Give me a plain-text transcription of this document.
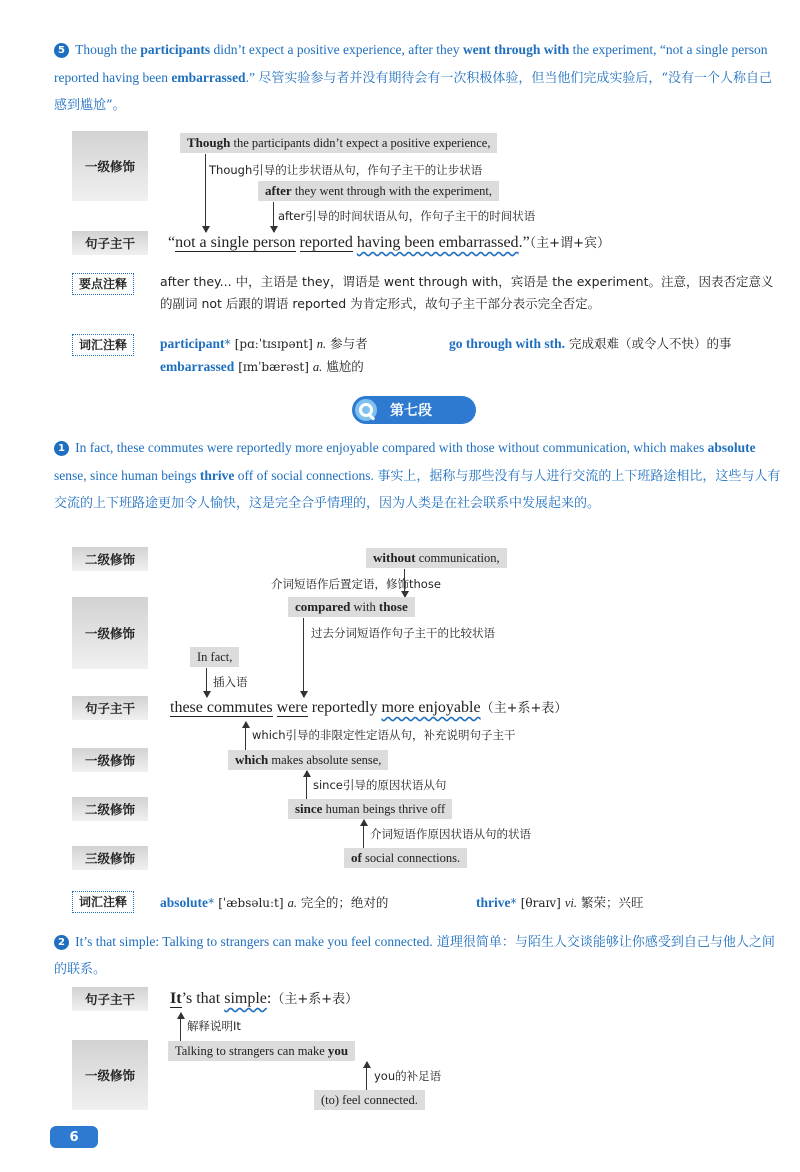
5 Though the participants didn’t expect a positive experience, after they went through with the experiment, “not a single person reported having been embarrassed.” 尽管实验参与者并没有期待会有一次积极体验，但当他们完成实验后，“没有一个人称自己感到尴尬”。
一级修饰
句子主干
Though the participants didn’t expect a positive experience,
Though引导的让步状语从句，作句子主干的让步状语
after they went through with the experiment,
after引导的时间状语从句，作句子主干的时间状语
“not a single person reported having been embarrassed.”（主+谓+宾）
要点注释	after they... 中，主语是 they，谓语是 went through with，宾语是 the experiment。注意，因表否定意义的副词 not 后跟的谓语 reported 为肯定形式，故句子主干部分表示完全否定。
词汇注释	participant* [pɑːˈtɪsɪpənt] n. 参与者	go through with sth. 完成艰难（或令人不快）的事
embarrassed [ɪmˈbærəst] a. 尴尬的
第七段
1 In fact, these commutes were reportedly more enjoyable compared with those without communication, which makes absolute sense, since human beings thrive off of social connections. 事实上，据称与那些没有与人进行交流的上下班路途相比，这些与人有交流的上下班路途更加令人愉快，这是完全合乎情理的，因为人类是在社会联系中发展起来的。
二级修饰
一级修饰
句子主干
一级修饰
二级修饰
三级修饰
without communication,
介词短语作后置定语，修饰those
compared with those
过去分词短语作句子主干的比较状语
In fact,
插入语
these commutes were reportedly more enjoyable（主+系+表）
which引导的非限定性定语从句，补充说明句子主干
which makes absolute sense,
since引导的原因状语从句
since human beings thrive off
介词短语作原因状语从句的状语
of social connections.
词汇注释	absolute* [ˈæbsəluːt] a. 完全的；绝对的	thrive* [θraɪv] vi. 繁荣；兴旺
2 It’s that simple: Talking to strangers can make you feel connected. 道理很简单：与陌生人交谈能够让你感受到自己与他人之间的联系。
句子主干
一级修饰
It’s that simple:（主+系+表）
解释说明It
Talking to strangers can make you
you的补足语
(to) feel connected.
6
